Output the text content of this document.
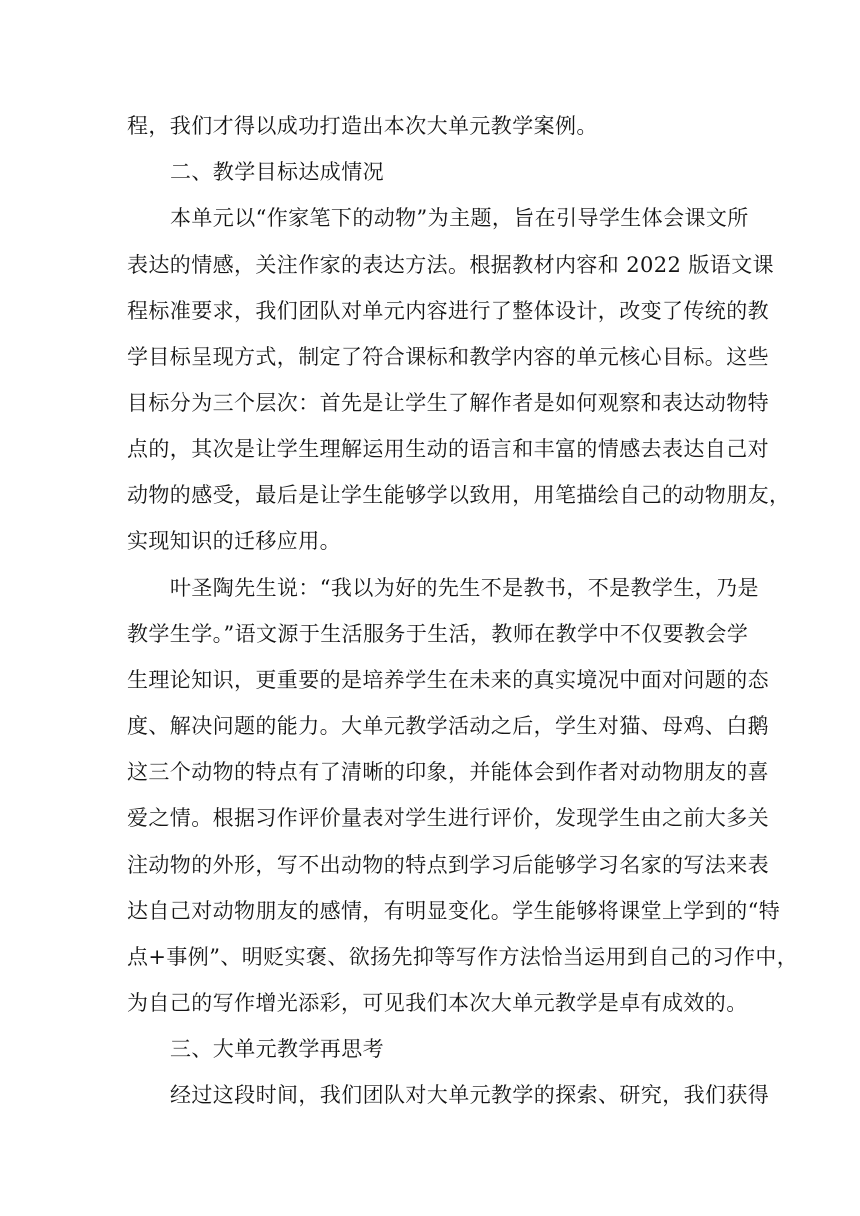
程，我们才得以成功打造出本次大单元教学案例。
二、教学目标达成情况
本单元以“作家笔下的动物”为主题，旨在引导学生体会课文所
表达的情感，关注作家的表达方法。根据教材内容和 2022 版语文课
程标准要求，我们团队对单元内容进行了整体设计，改变了传统的教
学目标呈现方式，制定了符合课标和教学内容的单元核心目标。这些
目标分为三个层次：首先是让学生了解作者是如何观察和表达动物特
点的，其次是让学生理解运用生动的语言和丰富的情感去表达自己对
动物的感受，最后是让学生能够学以致用，用笔描绘自己的动物朋友，
实现知识的迁移应用。
叶圣陶先生说：“我以为好的先生不是教书，不是教学生，乃是
教学生学。”语文源于生活服务于生活，教师在教学中不仅要教会学
生理论知识，更重要的是培养学生在未来的真实境况中面对问题的态
度、解决问题的能力。大单元教学活动之后，学生对猫、母鸡、白鹅
这三个动物的特点有了清晰的印象，并能体会到作者对动物朋友的喜
爱之情。根据习作评价量表对学生进行评价，发现学生由之前大多关
注动物的外形，写不出动物的特点到学习后能够学习名家的写法来表
达自己对动物朋友的感情，有明显变化。学生能够将课堂上学到的“特
点+事例”、明贬实褒、欲扬先抑等写作方法恰当运用到自己的习作中，
为自己的写作增光添彩，可见我们本次大单元教学是卓有成效的。
三、大单元教学再思考
经过这段时间，我们团队对大单元教学的探索、研究，我们获得
